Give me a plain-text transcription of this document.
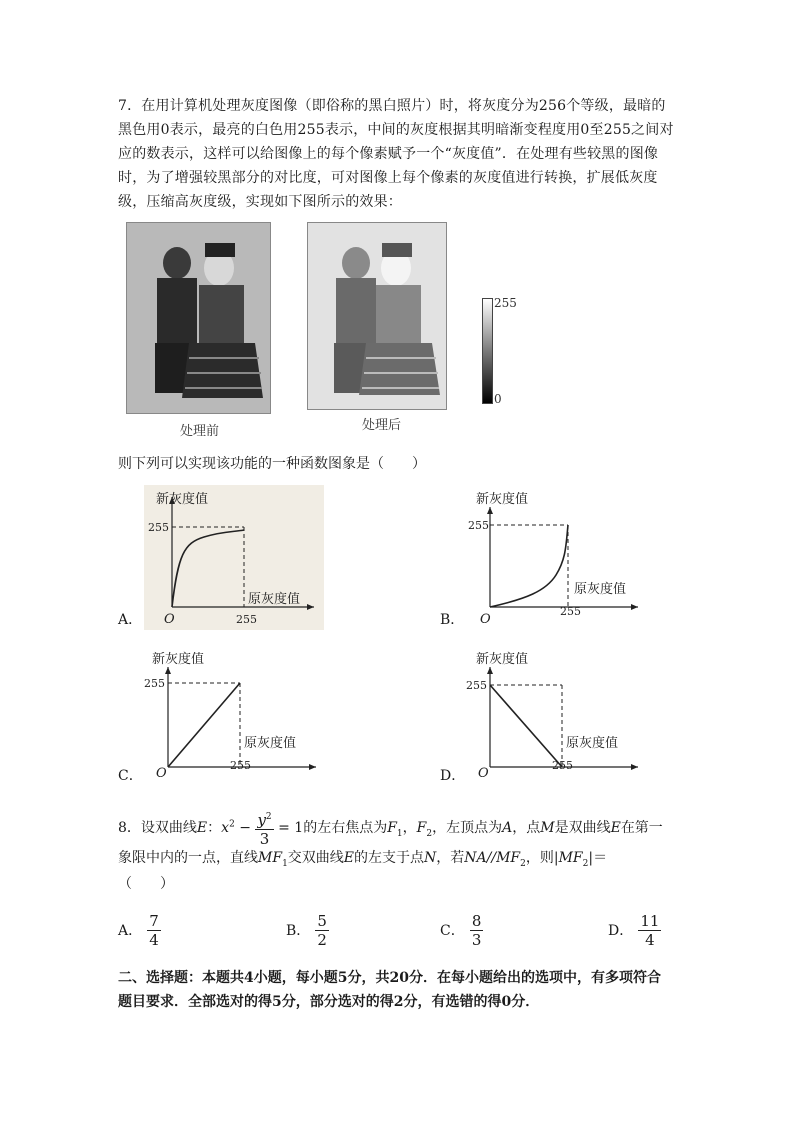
7．在用计算机处理灰度图像（即俗称的黑白照片）时，将灰度分为256个等级，最暗的黑色用0表示，最亮的白色用255表示，中间的灰度根据其明暗渐变程度用0至255之间对应的数表示，这样可以给图像上的每个像素赋予一个“灰度值”．在处理有些较黑的图像时，为了增强较黑部分的对比度，可对图像上每个像素的灰度值进行转换，扩展低灰度级，压缩高灰度级，实现如下图所示的效果：
处理前	处理后
255
0
则下列可以实现该功能的一种函数图象是（　　）
A．
新灰度值
255
原灰度值
255
O	B．
新灰度值
255
原灰度值
255
O
C．
新灰度值
255
原灰度值
255
O	D．
新灰度值
255
原灰度值
255
O
8．设双曲线E：$x^2 - \frac{y^2}{3} = 1$的左右焦点为$F_1$，$F_2$，左顶点为A，点M是双曲线E在第一
象限中内的一点，直线$MF_1$交双曲线E的左支于点N，若$NA//MF_2$，则$|MF_2|=$
（　　）
A． $\frac{7}{4}$	B． $\frac{5}{2}$	C． $\frac{8}{3}$	D． $\frac{11}{4}$
二、选择题：本题共4小题，每小题5分，共20分．在每小题给出的选项中，有多项符合
题目要求．全部选对的得5分，部分选对的得2分，有选错的得0分．
